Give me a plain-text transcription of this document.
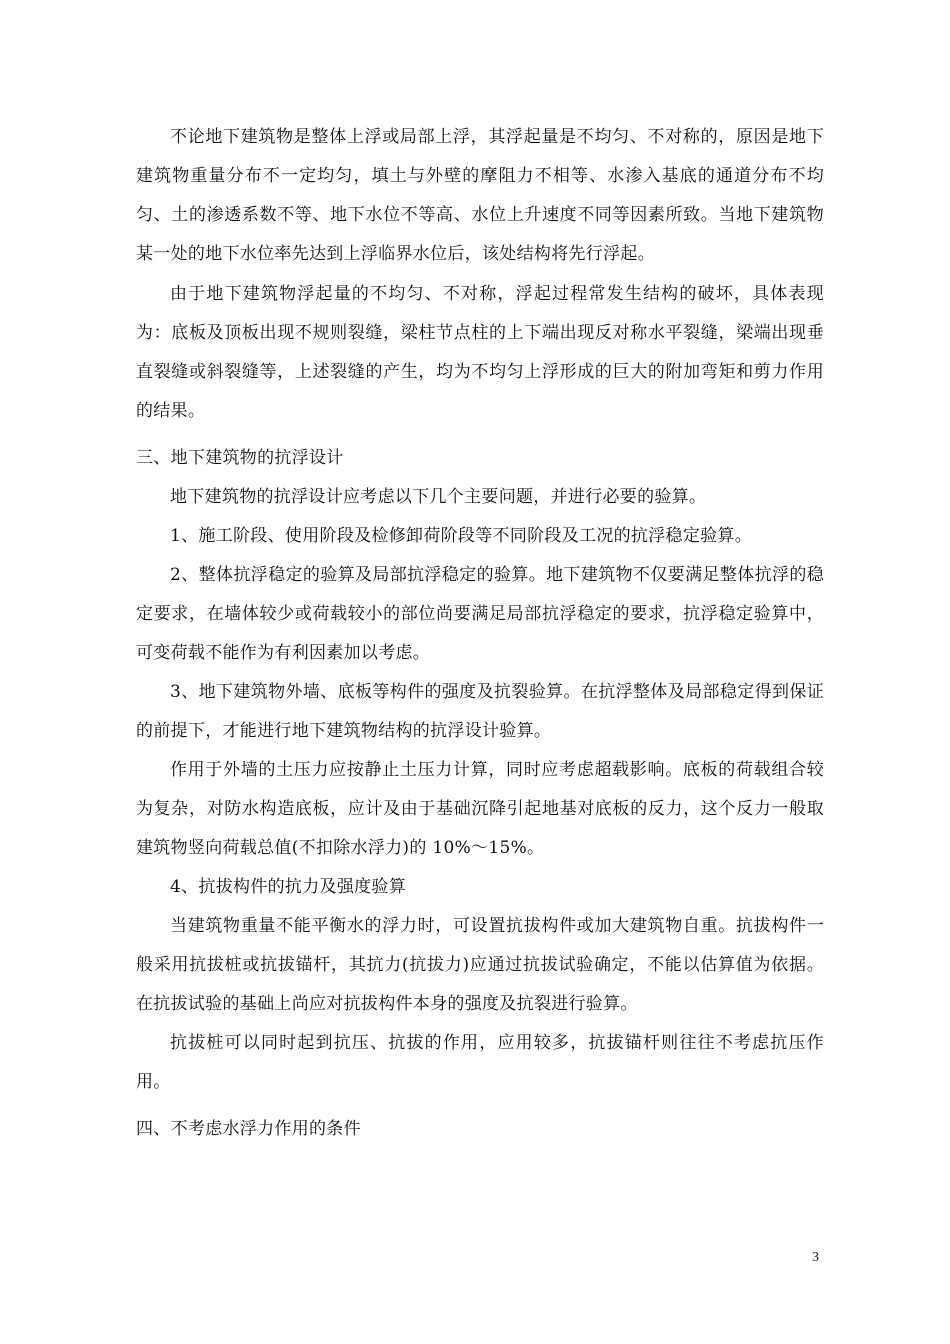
不论地下建筑物是整体上浮或局部上浮，其浮起量是不均匀、不对称的，原因是地下建筑物重量分布不一定均匀，填土与外壁的摩阻力不相等、水渗入基底的通道分布不均匀、土的渗透系数不等、地下水位不等高、水位上升速度不同等因素所致。当地下建筑物某一处的地下水位率先达到上浮临界水位后，该处结构将先行浮起。

由于地下建筑物浮起量的不均匀、不对称，浮起过程常发生结构的破坏，具体表现为：底板及顶板出现不规则裂缝，梁柱节点柱的上下端出现反对称水平裂缝，梁端出现垂直裂缝或斜裂缝等，上述裂缝的产生，均为不均匀上浮形成的巨大的附加弯矩和剪力作用的结果。

三、地下建筑物的抗浮设计

地下建筑物的抗浮设计应考虑以下几个主要问题，并进行必要的验算。

1、施工阶段、使用阶段及检修卸荷阶段等不同阶段及工况的抗浮稳定验算。

2、整体抗浮稳定的验算及局部抗浮稳定的验算。地下建筑物不仅要满足整体抗浮的稳定要求，在墙体较少或荷载较小的部位尚要满足局部抗浮稳定的要求，抗浮稳定验算中，可变荷载不能作为有利因素加以考虑。

3、地下建筑物外墙、底板等构件的强度及抗裂验算。在抗浮整体及局部稳定得到保证的前提下，才能进行地下建筑物结构的抗浮设计验算。

作用于外墙的土压力应按静止土压力计算，同时应考虑超载影响。底板的荷载组合较为复杂，对防水构造底板，应计及由于基础沉降引起地基对底板的反力，这个反力一般取建筑物竖向荷载总值(不扣除水浮力)的 10%～15%。

4、抗拔构件的抗力及强度验算

当建筑物重量不能平衡水的浮力时，可设置抗拔构件或加大建筑物自重。抗拔构件一般采用抗拔桩或抗拔锚杆，其抗力(抗拔力)应通过抗拔试验确定，不能以估算值为依据。在抗拔试验的基础上尚应对抗拔构件本身的强度及抗裂进行验算。

抗拔桩可以同时起到抗压、抗拔的作用，应用较多，抗拔锚杆则往往不考虑抗压作用。

四、不考虑水浮力作用的条件

3
